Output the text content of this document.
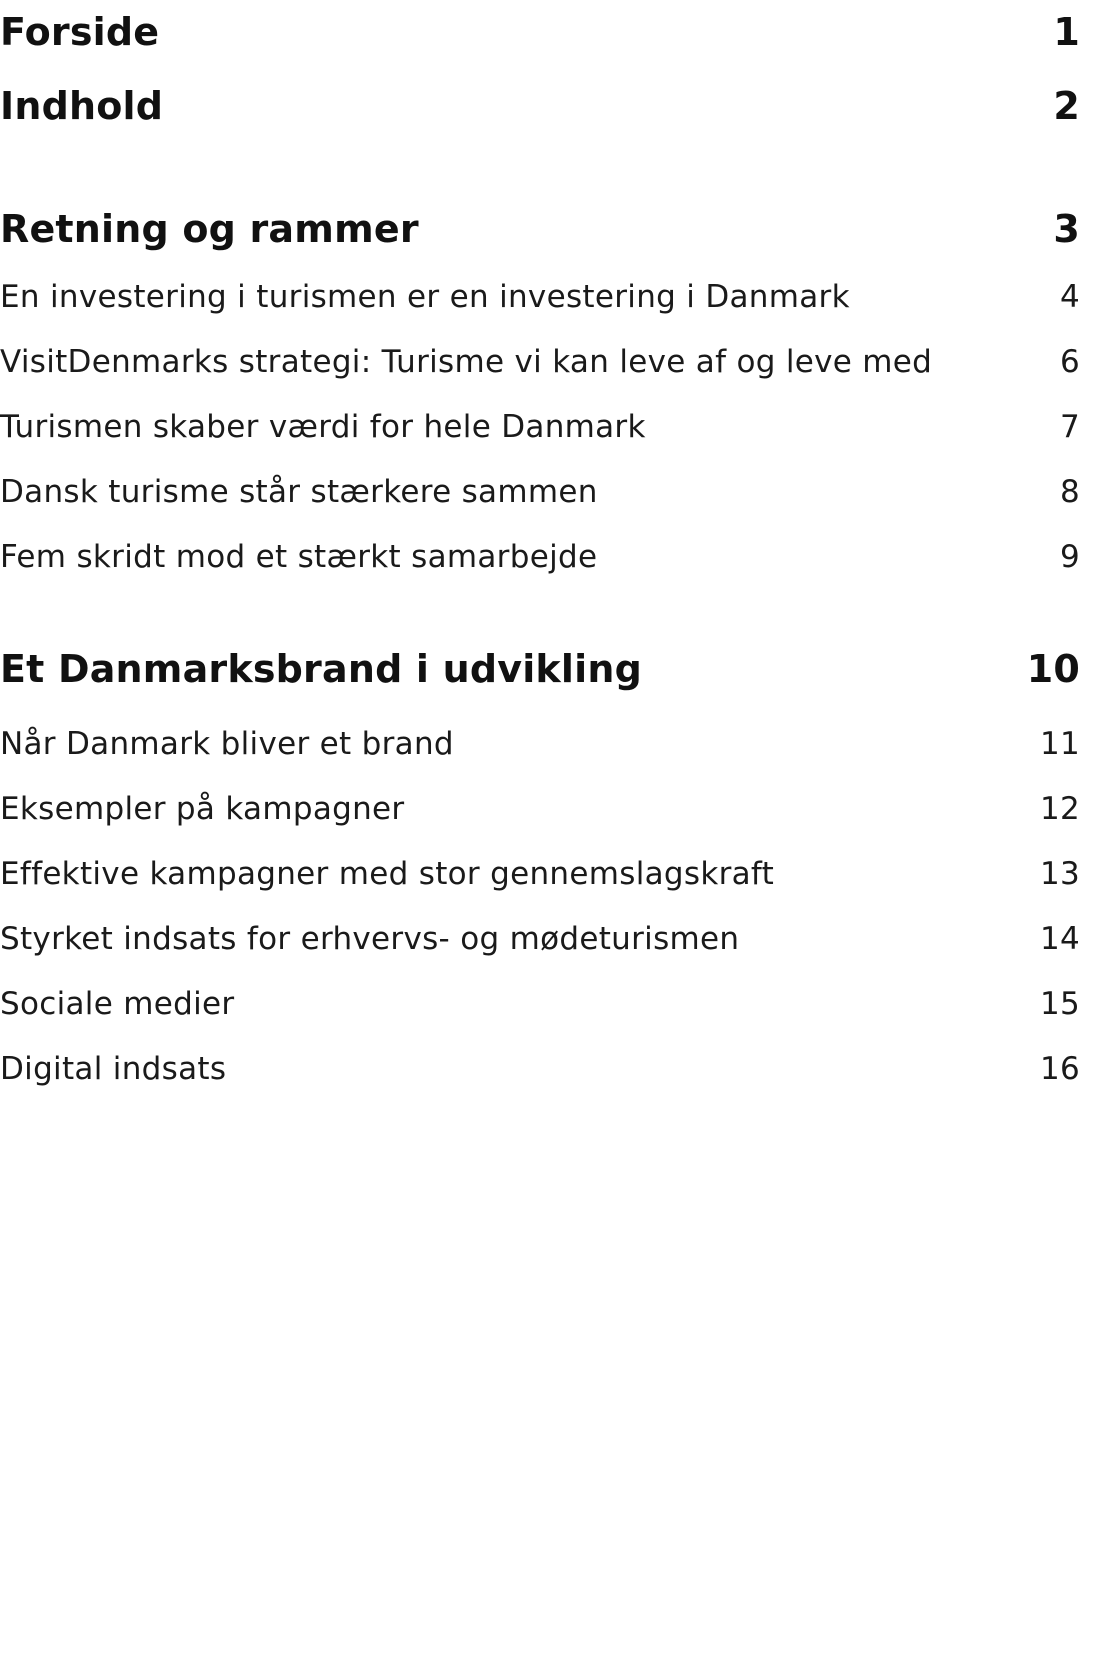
Forside	1
Indhold	2
Retning og rammer	3
En investering i turismen er en investering i Danmark	4
VisitDenmarks strategi: Turisme vi kan leve af og leve med	6
Turismen skaber værdi for hele Danmark	7
Dansk turisme står stærkere sammen	8
Fem skridt mod et stærkt samarbejde	9
Et Danmarksbrand i udvikling	10
Når Danmark bliver et brand	11
Eksempler på kampagner	12
Effektive kampagner med stor gennemslagskraft	13
Styrket indsats for erhvervs- og mødeturismen	14
Sociale medier	15
Digital indsats	16
